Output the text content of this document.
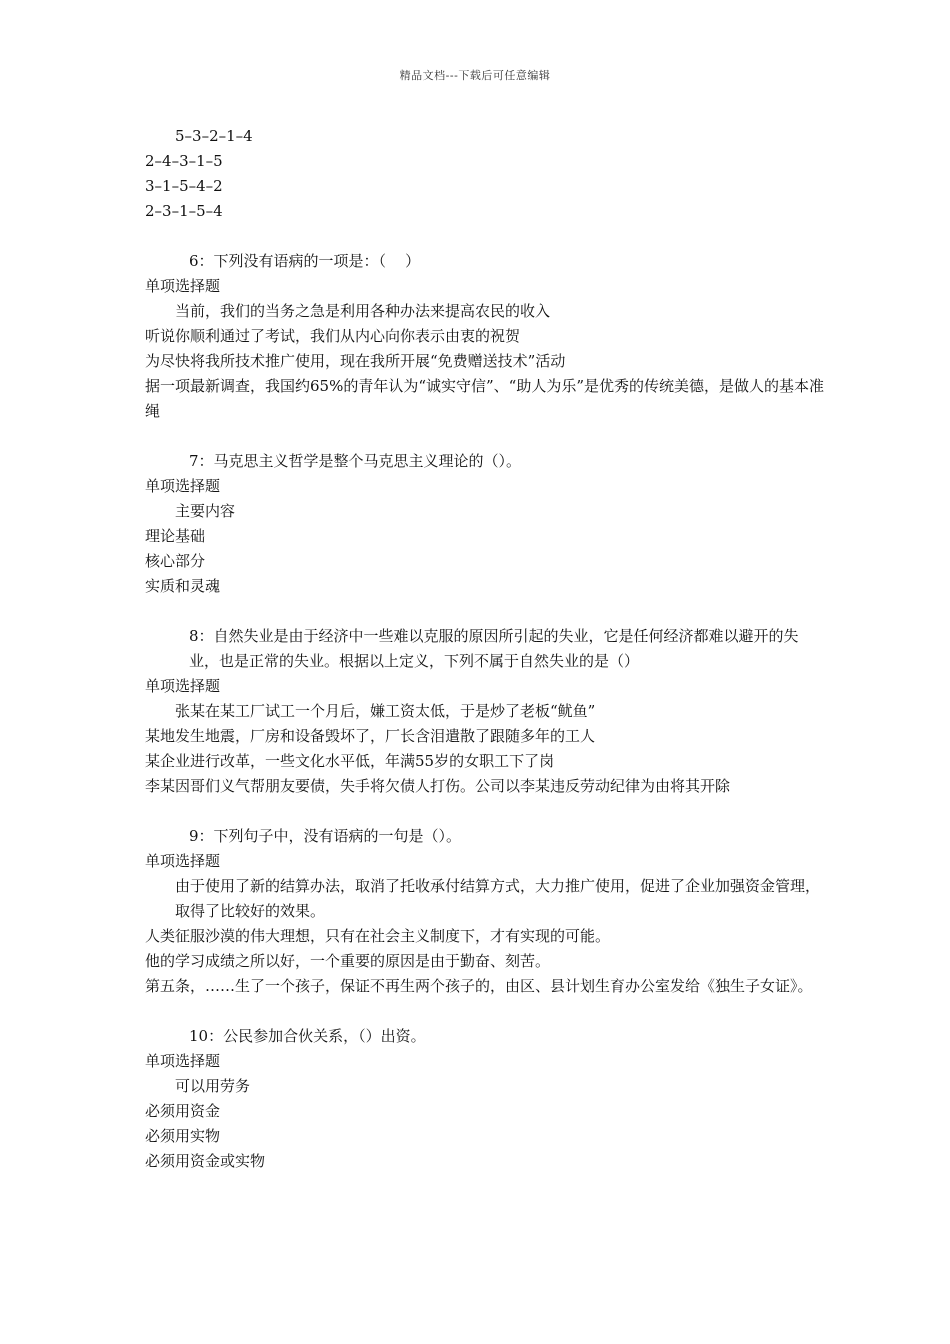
精品文档---下载后可任意编辑
5–3–2–1–4
2–4–3–1–5
3–1–5–4–2
2–3–1–5–4
6：下列没有语病的一项是：（    ）
单项选择题
当前，我们的当务之急是利用各种办法来提高农民的收入
听说你顺利通过了考试，我们从内心向你表示由衷的祝贺
为尽快将我所技术推广使用，现在我所开展“免费赠送技术”活动
据一项最新调查，我国约65%的青年认为“诚实守信”、“助人为乐”是优秀的传统美德，是做人的基本准绳
7：马克思主义哲学是整个马克思主义理论的（）。
单项选择题
主要内容
理论基础
核心部分
实质和灵魂
8：自然失业是由于经济中一些难以克服的原因所引起的失业，它是任何经济都难以避开的失业，也是正常的失业。根据以上定义，下列不属于自然失业的是（）
单项选择题
张某在某工厂试工一个月后，嫌工资太低，于是炒了老板“鱿鱼”
某地发生地震，厂房和设备毁坏了，厂长含泪遣散了跟随多年的工人
某企业进行改革，一些文化水平低，年满55岁的女职工下了岗
李某因哥们义气帮朋友要债，失手将欠债人打伤。公司以李某违反劳动纪律为由将其开除
9：下列句子中，没有语病的一句是（）。
单项选择题
由于使用了新的结算办法，取消了托收承付结算方式，大力推广使用，促进了企业加强资金管理，取得了比较好的效果。
人类征服沙漠的伟大理想，只有在社会主义制度下，才有实现的可能。
他的学习成绩之所以好，一个重要的原因是由于勤奋、刻苦。
第五条，……生了一个孩子，保证不再生两个孩子的，由区、县计划生育办公室发给《独生子女证》。
10：公民参加合伙关系，（）出资。
单项选择题
可以用劳务
必须用资金
必须用实物
必须用资金或实物
